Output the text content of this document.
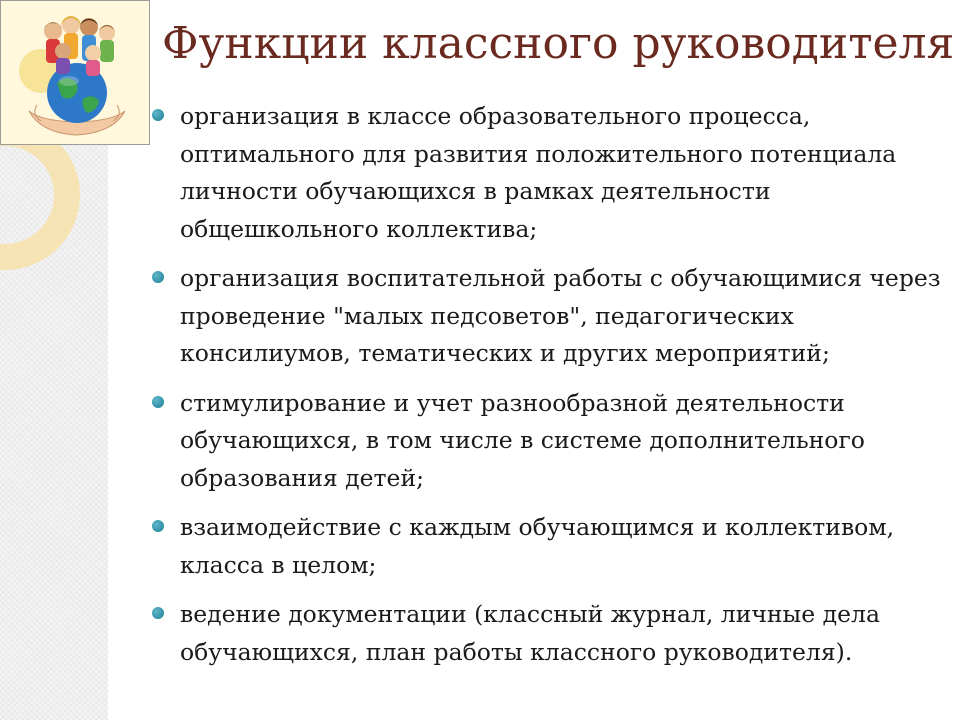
Функции классного руководителя
организация в классе образовательного процесса, оптимального для развития положительного потенциала личности обучающихся в рамках деятельности общешкольного коллектива;
организация воспитательной работы с обучающимися через проведение "малых педсоветов", педагогических консилиумов, тематических и других мероприятий;
стимулирование и учет разнообразной деятельности обучающихся, в том числе в системе дополнительного образования детей;
взаимодействие с каждым обучающимся и коллективом, класса в целом;
ведение документации (классный журнал, личные дела обучающихся, план работы классного руководителя).
